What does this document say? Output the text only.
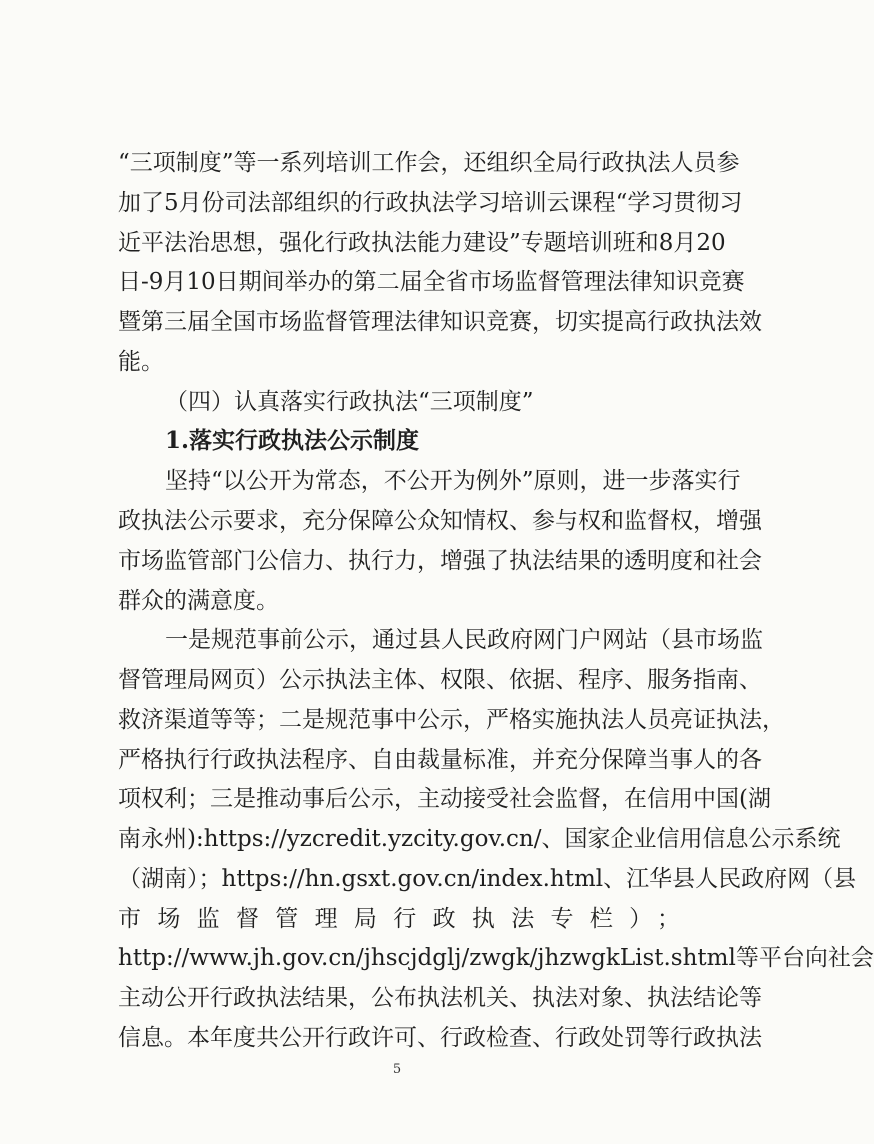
“三项制度”等一系列培训工作会，还组织全局行政执法人员参
加了5月份司法部组织的行政执法学习培训云课程“学习贯彻习
近平法治思想，强化行政执法能力建设”专题培训班和8月20
日-9月10日期间举办的第二届全省市场监督管理法律知识竞赛
暨第三届全国市场监督管理法律知识竞赛，切实提高行政执法效
能。
（四）认真落实行政执法“三项制度”
1.落实行政执法公示制度
坚持“以公开为常态，不公开为例外”原则，进一步落实行
政执法公示要求，充分保障公众知情权、参与权和监督权，增强
市场监管部门公信力、执行力，增强了执法结果的透明度和社会
群众的满意度。
一是规范事前公示，通过县人民政府网门户网站（县市场监
督管理局网页）公示执法主体、权限、依据、程序、服务指南、
救济渠道等等；二是规范事中公示，严格实施执法人员亮证执法，
严格执行行政执法程序、自由裁量标准，并充分保障当事人的各
项权利；三是推动事后公示，主动接受社会监督，在信用中国(湖
南永州):https://yzcredit.yzcity.gov.cn/、国家企业信用信息公示系统
（湖南）；https://hn.gsxt.gov.cn/index.html、江华县人民政府网（县
市场监督管理局行政执法专栏）；
http://www.jh.gov.cn/jhscjdglj/zwgk/jhzwgkList.shtml等平台向社会
主动公开行政执法结果，公布执法机关、执法对象、执法结论等
信息。本年度共公开行政许可、行政检查、行政处罚等行政执法
5
